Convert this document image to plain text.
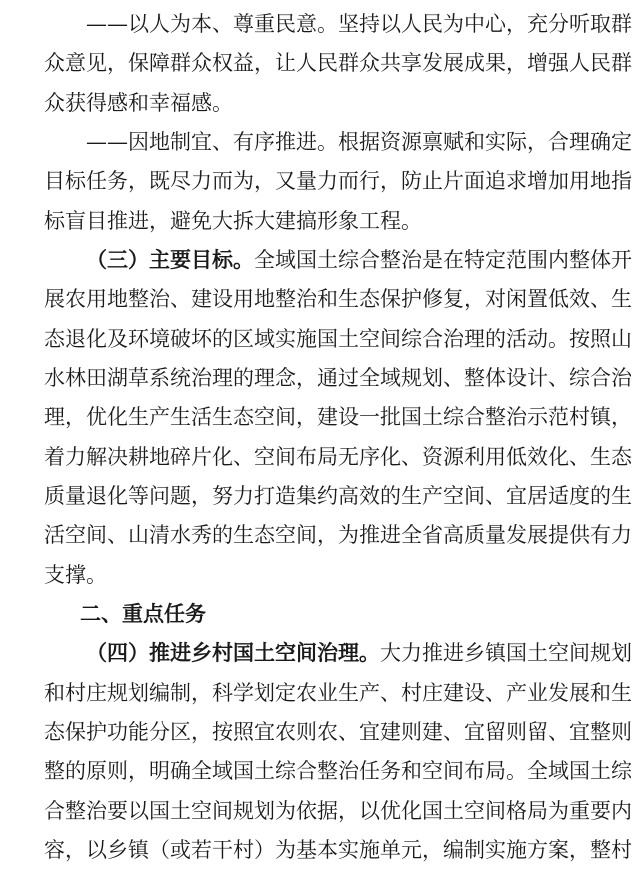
——以人为本、尊重民意。坚持以人民为中心，充分听取群
众意见，保障群众权益，让人民群众共享发展成果，增强人民群
众获得感和幸福感。
——因地制宜、有序推进。根据资源禀赋和实际，合理确定
目标任务，既尽力而为，又量力而行，防止片面追求增加用地指
标盲目推进，避免大拆大建搞形象工程。
（三）主要目标。全域国土综合整治是在特定范围内整体开
展农用地整治、建设用地整治和生态保护修复，对闲置低效、生
态退化及环境破坏的区域实施国土空间综合治理的活动。按照山
水林田湖草系统治理的理念，通过全域规划、整体设计、综合治
理，优化生产生活生态空间，建设一批国土综合整治示范村镇，
着力解决耕地碎片化、空间布局无序化、资源利用低效化、生态
质量退化等问题，努力打造集约高效的生产空间、宜居适度的生
活空间、山清水秀的生态空间，为推进全省高质量发展提供有力
支撑。
二、重点任务
（四）推进乡村国土空间治理。大力推进乡镇国土空间规划
和村庄规划编制，科学划定农业生产、村庄建设、产业发展和生
态保护功能分区，按照宜农则农、宜建则建、宜留则留、宜整则
整的原则，明确全域国土综合整治任务和空间布局。全域国土综
合整治要以国土空间规划为依据，以优化国土空间格局为重要内
容，以乡镇（或若干村）为基本实施单元，编制实施方案，整村
